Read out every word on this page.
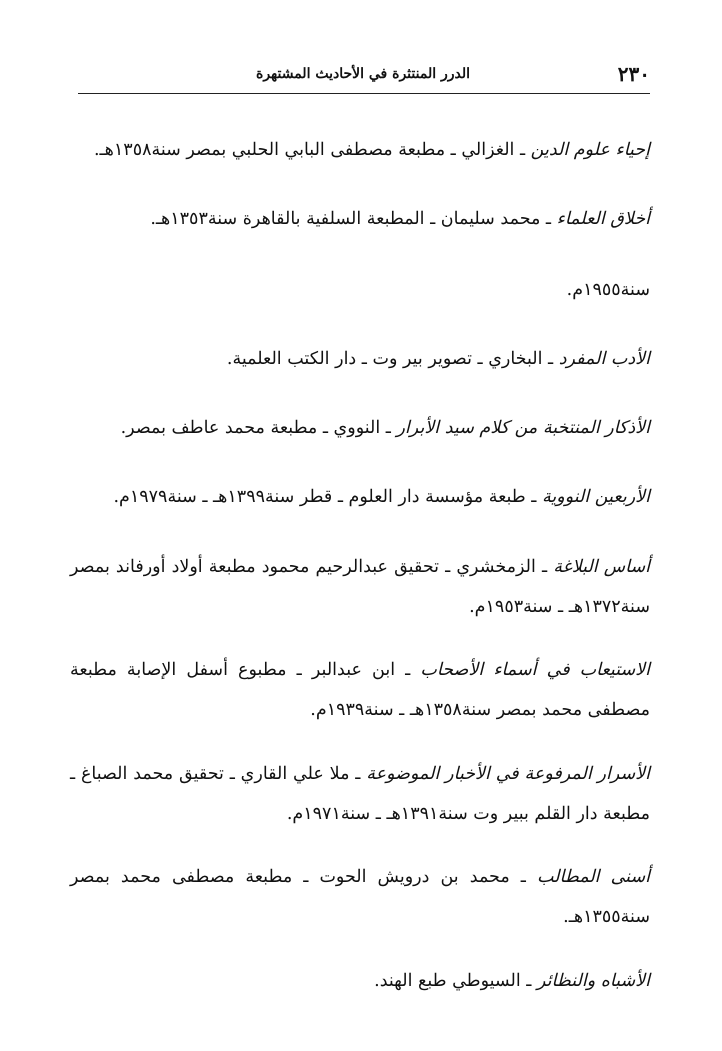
٢٣٠
الدرر المنتثرة في الأحاديث المشتهرة

إحياء علوم الدين ـ الغزالي ـ مطبعة مصطفى البابي الحلبي بمصر سنة١٣٥٨هـ.

أخلاق العلماء ـ محمد سليمان ـ المطبعة السلفية بالقاهرة سنة١٣٥٣هـ.

سنة١٩٥٥م.

الأدب المفرد ـ البخاري ـ تصوير بير وت ـ دار الكتب العلمية.

الأذكار المنتخبة من كلام سيد الأبرار ـ النووي ـ مطبعة محمد عاطف بمصر.

الأربعين النووية ـ طبعة مؤسسة دار العلوم ـ قطر سنة١٣٩٩هـ ـ سنة١٩٧٩م.

أساس البلاغة ـ الزمخشري ـ تحقيق عبدالرحيم محمود مطبعة أولاد أورفاند بمصر سنة١٣٧٢هـ ـ سنة١٩٥٣م.

الاستيعاب في أسماء الأصحاب ـ ابن عبدالبر ـ مطبوع أسفل الإصابة مطبعة مصطفى محمد بمصر سنة١٣٥٨هـ ـ سنة١٩٣٩م.

الأسرار المرفوعة في الأخبار الموضوعة ـ ملا علي القاري ـ تحقيق محمد الصباغ ـ مطبعة دار القلم ببير وت سنة١٣٩١هـ ـ سنة١٩٧١م.

أسنى المطالب ـ محمد بن درويش الحوت ـ مطبعة مصطفى محمد بمصر سنة١٣٥٥هـ.

الأشباه والنظائر ـ السيوطي طبع الهند.
